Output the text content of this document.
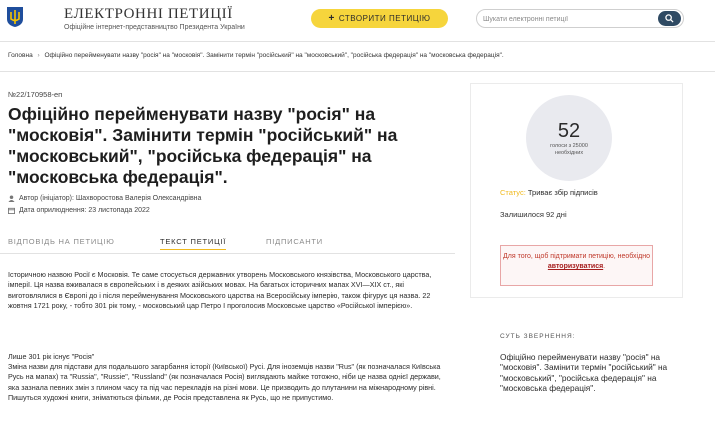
ЕЛЕКТРОННІ ПЕТИЦІЇ
Офіційне інтернет-представництво Президента України
+ СТВОРИТИ ПЕТИЦІЮ
Шукати електронні петиції
Головна › Офіційно перейменувати назву "росія" на "московія". Замінити термін "російський" на "московський", "російська федерація" на "московська федерація".
№22/170958-еп
Офіційно перейменувати назву "росія" на "московія". Замінити термін "російський" на "московський", "російська федерація" на "московська федерація".
Автор (ініціатор): Шахворостова Валерія Олександрівна
Дата оприлюднення: 23 листопада 2022
ВІДПОВІДЬ НА ПЕТИЦІЮ	ТЕКСТ ПЕТИЦІЇ	ПІДПИСАНТИ
Історичною назвою Росії є Московія. Те саме стосується державних утворень Московського князівства, Московського царства, імперії. Ця назва вживалася в європейських і в деяких азійських мовах. На багатьох історичних мапах XVI—XIX ст., які виготовлялися в Європі до і після перейменування Московського царства на Всеросійську імперію, також фігурує ця назва. 22 жовтня 1721 року, - тобто 301 рік тому, - московський цар Петро І проголосив Московське царство «Російської імперією».
Лише 301 рік існує "Росія"
Зміна назви для підстави для подальшого загарбання історії (Київської) Русі. Для іноземців назви "Rus" (як позначалася Київська Русь на мапах) та "Russia", "Russie", "Russland" (як позначалася Росія) виглядають майже тотожно, ніби це назва однієї держави, яка зазнала певних змін з плином часу та під час перекладів на різні мови. Це призводить до плутанини на міжнародному рівні. Пишуться художні книги, зніматються фільми, де Росія представлена як Русь, що не припустимо.
52
голоси з 25000 необхідних
Статус: Триває збір підписів
Залишилося 92 дні
Для того, щоб підтримати петицію, необхідно
авторизуватися.
СУТЬ ЗВЕРНЕННЯ:
Офіційно перейменувати назву "росія" на "московія". Замінити термін "російський" на "московський", "російська федерація" на "московська федерація".
